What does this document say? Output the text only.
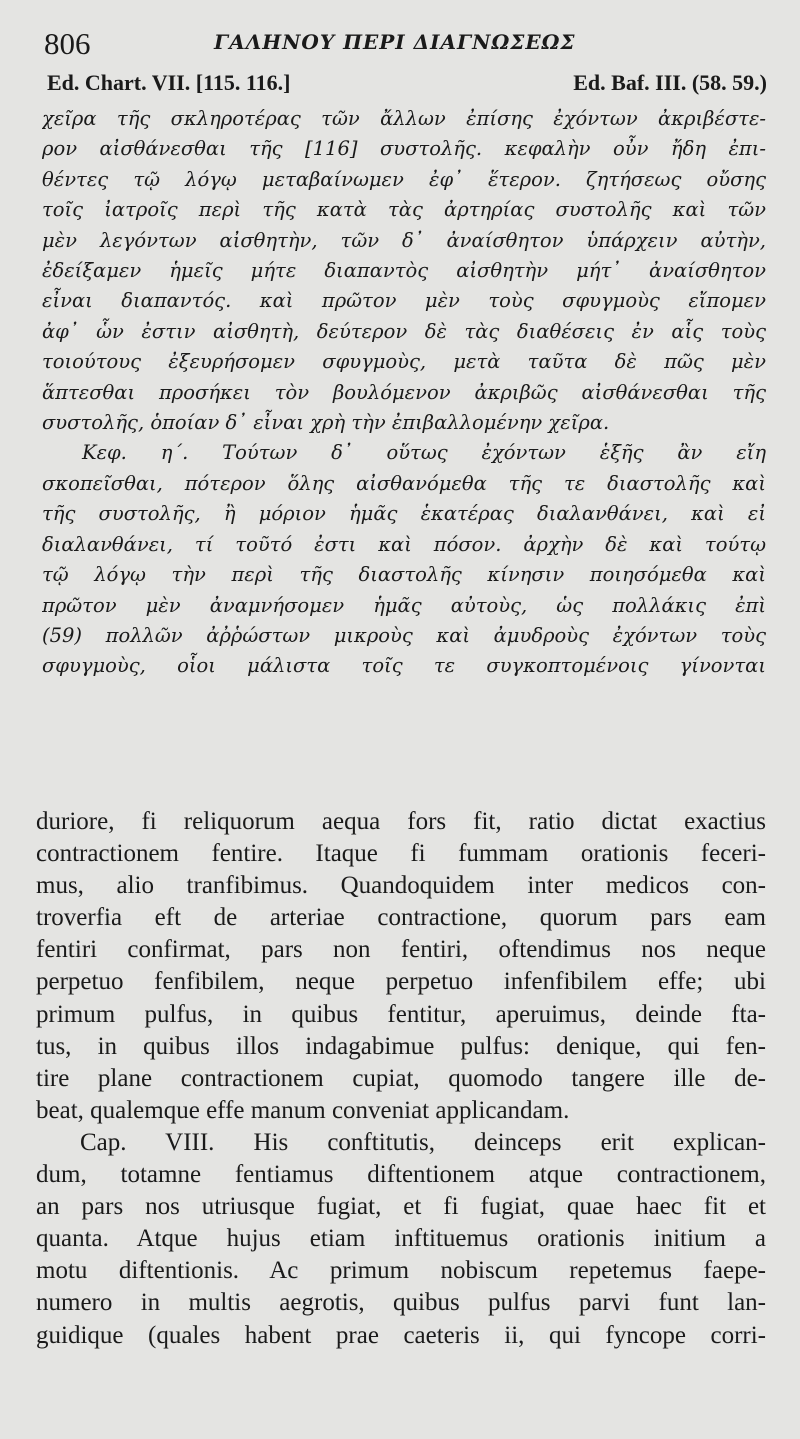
806	ΓΑΛΗΝΟΥ ΠΕΡΙ ΔΙΑΓΝΩΣΕΩΣ
Ed. Chart. VII. [115. 116.]	Ed. Baf. III. (58. 59.)
χεῖρα τῆς σκληροτέρας τῶν ἄλλων ἐπίσης ἐχόντων ἀκριβέστε-
ρον αἰσθάνεσθαι τῆς [116] συστολῆς. κεφαλὴν οὖν ἤδη ἐπι-
θέντες τῷ λόγῳ μεταβαίνωμεν ἐφ᾽ ἕτερον. ζητήσεως οὔσης
τοῖς ἰατροῖς περὶ τῆς κατὰ τὰς ἀρτηρίας συστολῆς καὶ τῶν
μὲν λεγόντων αἰσθητὴν, τῶν δ᾽ ἀναίσθητον ὑπάρχειν αὐτὴν,
ἐδείξαμεν ἡμεῖς μήτε διαπαντὸς αἰσθητὴν μήτ᾽ ἀναίσθητον
εἶναι διαπαντός. καὶ πρῶτον μὲν τοὺς σφυγμοὺς εἴπομεν
ἀφ᾽ ὧν ἐστιν αἰσθητὴ, δεύτερον δὲ τὰς διαθέσεις ἐν αἷς τοὺς
τοιούτους ἐξευρήσομεν σφυγμοὺς, μετὰ ταῦτα δὲ πῶς μὲν
ἅπτεσθαι προσήκει τὸν βουλόμενον ἀκριβῶς αἰσθάνεσθαι τῆς
συστολῆς, ὁποίαν δ᾽ εἶναι χρὴ τὴν ἐπιβαλλομένην χεῖρα.
Κεφ. η΄. Τούτων δ᾽ οὕτως ἐχόντων ἑξῆς ἂν εἴη
σκοπεῖσθαι, πότερον ὅλης αἰσθανόμεθα τῆς τε διαστολῆς καὶ
τῆς συστολῆς, ἢ μόριον ἡμᾶς ἑκατέρας διαλανθάνει, καὶ εἰ
διαλανθάνει, τί τοῦτό ἐστι καὶ πόσον. ἀρχὴν δὲ καὶ τούτῳ
τῷ λόγῳ τὴν περὶ τῆς διαστολῆς κίνησιν ποιησόμεθα καὶ
πρῶτον μὲν ἀναμνήσομεν ἡμᾶς αὐτοὺς, ὡς πολλάκις ἐπὶ
(59) πολλῶν ἀῤῥώστων μικροὺς καὶ ἀμυδροὺς ἐχόντων τοὺς
σφυγμοὺς, οἷοι μάλιστα τοῖς τε συγκοπτομένοις γίνονται
duriore, fi reliquorum aequa fors fit, ratio dictat exactius
contractionem fentire. Itaque fi fummam orationis feceri-
mus, alio tranfibimus. Quandoquidem inter medicos con-
troverfia eft de arteriae contractione, quorum pars eam
fentiri confirmat, pars non fentiri, oftendimus nos neque
perpetuo fenfibilem, neque perpetuo infenfibilem effe; ubi
primum pulfus, in quibus fentitur, aperuimus, deinde fta-
tus, in quibus illos indagabimue pulfus: denique, qui fen-
tire plane contractionem cupiat, quomodo tangere ille de-
beat, qualemque effe manum conveniat applicandam.
Cap. VIII. His conftitutis, deinceps erit explican-
dum, totamne fentiamus diftentionem atque contractionem,
an pars nos utriusque fugiat, et fi fugiat, quae haec fit et
quanta. Atque hujus etiam inftituemus orationis initium a
motu diftentionis. Ac primum nobiscum repetemus faepe-
numero in multis aegrotis, quibus pulfus parvi funt lan-
guidique (quales habent prae caeteris ii, qui fyncope corri-
